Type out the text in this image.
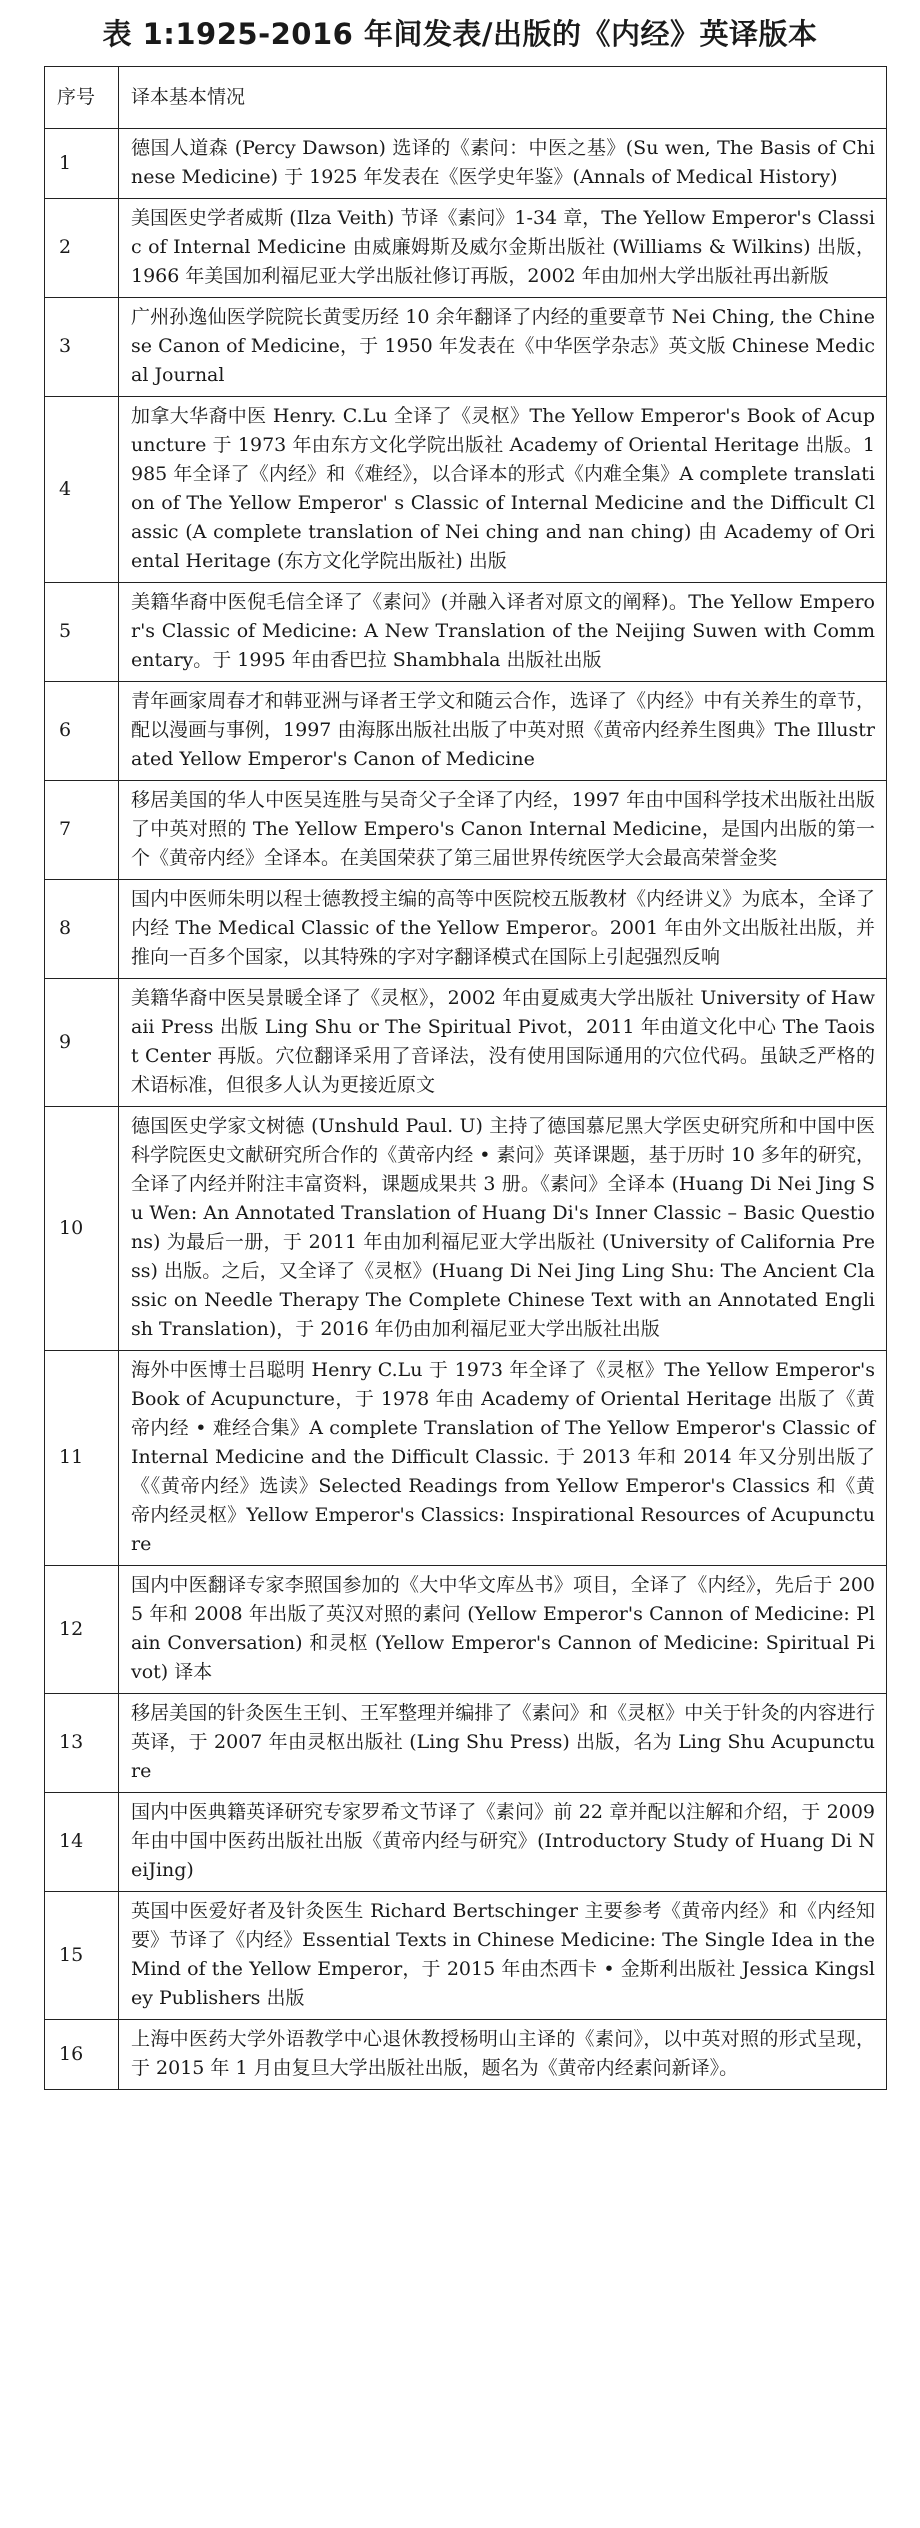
表 1:1925-2016 年间发表/出版的《内经》英译版本
序号	译本基本情况
1	德国人道森 (Percy Dawson) 选译的《素问：中医之基》(Su wen, The Basis of Chinese Medicine) 于 1925 年发表在《医学史年鉴》(Annals of Medical History)
2	美国医史学者威斯 (Ilza Veith) 节译《素问》1-34 章，The Yellow Emperor's Classic of Internal Medicine 由威廉姆斯及威尔金斯出版社 (Williams & Wilkins) 出版，1966 年美国加利福尼亚大学出版社修订再版，2002 年由加州大学出版社再出新版
3	广州孙逸仙医学院院长黄雯历经 10 余年翻译了内经的重要章节 Nei Ching, the Chinese Canon of Medicine，于 1950 年发表在《中华医学杂志》英文版 Chinese Medical Journal
4	加拿大华裔中医 Henry. C.Lu 全译了《灵枢》The Yellow Emperor's Book of Acupuncture 于 1973 年由东方文化学院出版社 Academy of Oriental Heritage 出版。1985 年全译了《内经》和《难经》，以合译本的形式《内难全集》A complete translation of The Yellow Emperor' s Classic of Internal Medicine and the Difficult Classic (A complete translation of Nei ching and nan ching) 由 Academy of Oriental Heritage (东方文化学院出版社) 出版
5	美籍华裔中医倪毛信全译了《素问》(并融入译者对原文的阐释)。The Yellow Emperor's Classic of Medicine: A New Translation of the Neijing Suwen with Commentary。于 1995 年由香巴拉 Shambhala 出版社出版
6	青年画家周春才和韩亚洲与译者王学文和随云合作，选译了《内经》中有关养生的章节，配以漫画与事例，1997 由海豚出版社出版了中英对照《黄帝内经养生图典》The Illustrated Yellow Emperor's Canon of Medicine
7	移居美国的华人中医吴连胜与吴奇父子全译了内经，1997 年由中国科学技术出版社出版了中英对照的 The Yellow Empero's Canon Internal Medicine，是国内出版的第一个《黄帝内经》全译本。在美国荣获了第三届世界传统医学大会最高荣誉金奖
8	国内中医师朱明以程士德教授主编的高等中医院校五版教材《内经讲义》为底本，全译了内经 The Medical Classic of the Yellow Emperor。2001 年由外文出版社出版，并推向一百多个国家，以其特殊的字对字翻译模式在国际上引起强烈反响
9	美籍华裔中医吴景暖全译了《灵枢》，2002 年由夏威夷大学出版社 University of Hawaii Press 出版 Ling Shu or The Spiritual Pivot，2011 年由道文化中心 The Taoist Center 再版。穴位翻译采用了音译法，没有使用国际通用的穴位代码。虽缺乏严格的术语标准，但很多人认为更接近原文
10	德国医史学家文树德 (Unshuld Paul. U) 主持了德国慕尼黑大学医史研究所和中国中医科学院医史文献研究所合作的《黄帝内经 • 素问》英译课题，基于历时 10 多年的研究，全译了内经并附注丰富资料，课题成果共 3 册。《素问》全译本 (Huang Di Nei Jing Su Wen: An Annotated Translation of Huang Di's Inner Classic – Basic Questions) 为最后一册，于 2011 年由加利福尼亚大学出版社 (University of California Press) 出版。之后，又全译了《灵枢》(Huang Di Nei Jing Ling Shu: The Ancient Classic on Needle Therapy The Complete Chinese Text with an Annotated English Translation)，于 2016 年仍由加利福尼亚大学出版社出版
11	海外中医博士吕聪明 Henry C.Lu 于 1973 年全译了《灵枢》The Yellow Emperor's Book of Acupuncture，于 1978 年由 Academy of Oriental Heritage 出版了《黄帝内经 • 难经合集》A complete Translation of The Yellow Emperor's Classic of Internal Medicine and the Difficult Classic. 于 2013 年和 2014 年又分别出版了《《黄帝内经》选读》Selected Readings from Yellow Emperor's Classics 和《黄帝内经灵枢》Yellow Emperor's Classics: Inspirational Resources of Acupuncture
12	国内中医翻译专家李照国参加的《大中华文库丛书》项目，全译了《内经》，先后于 2005 年和 2008 年出版了英汉对照的素问 (Yellow Emperor's Cannon of Medicine: Plain Conversation) 和灵枢 (Yellow Emperor's Cannon of Medicine: Spiritual Pivot) 译本
13	移居美国的针灸医生王钊、王军整理并编排了《素问》和《灵枢》中关于针灸的内容进行英译，于 2007 年由灵枢出版社 (Ling Shu Press) 出版，名为 Ling Shu Acupuncture
14	国内中医典籍英译研究专家罗希文节译了《素问》前 22 章并配以注解和介绍，于 2009 年由中国中医药出版社出版《黄帝内经与研究》(Introductory Study of Huang Di NeiJing)
15	英国中医爱好者及针灸医生 Richard Bertschinger 主要参考《黄帝内经》和《内经知要》节译了《内经》Essential Texts in Chinese Medicine: The Single Idea in the Mind of the Yellow Emperor，于 2015 年由杰西卡 • 金斯利出版社 Jessica Kingsley Publishers 出版
16	上海中医药大学外语教学中心退休教授杨明山主译的《素问》，以中英对照的形式呈现，于 2015 年 1 月由复旦大学出版社出版，题名为《黄帝内经素问新译》。
